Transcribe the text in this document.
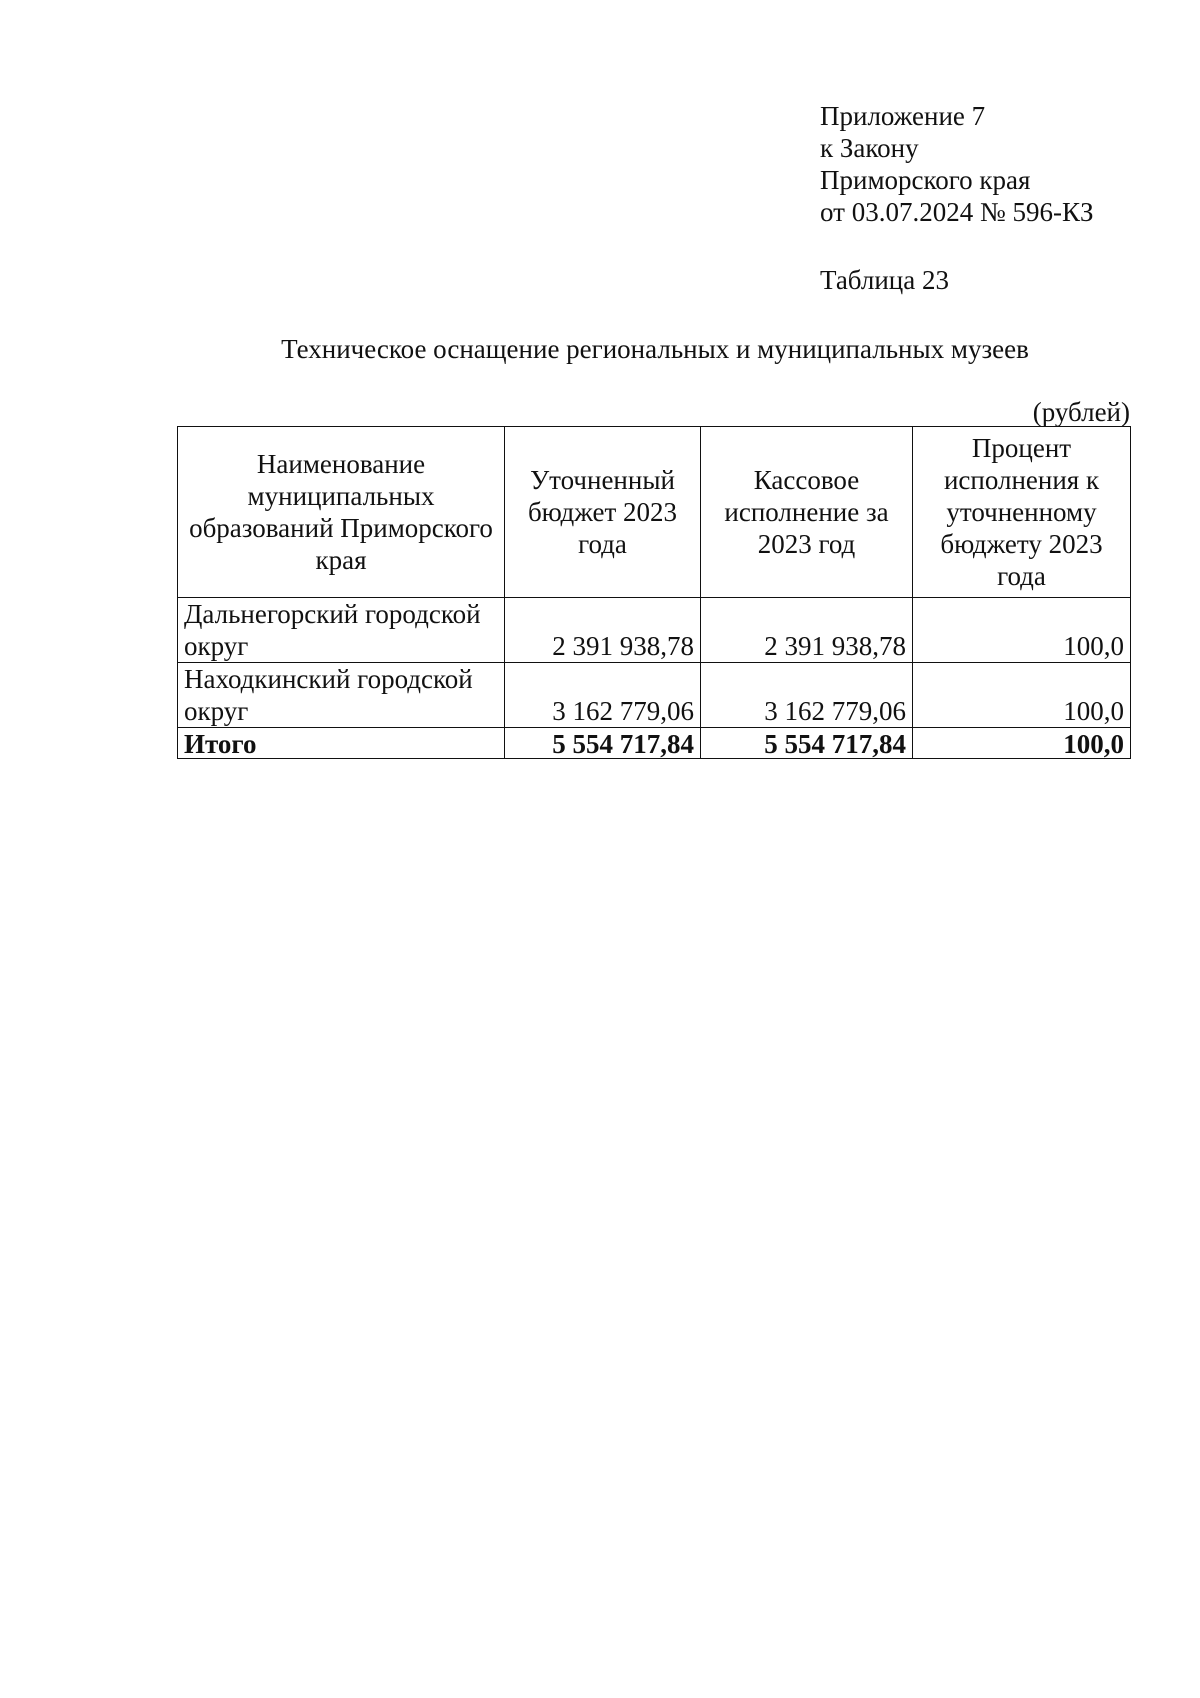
Приложение 7
к Закону
Приморского края
от 03.07.2024 № 596-КЗ
Таблица 23
Техническое оснащение региональных и муниципальных музеев
(рублей)
Наименование муниципальных образований Приморского края	Уточненный бюджет 2023 года	Кассовое исполнение за 2023 год	Процент исполнения к уточненному бюджету 2023 года
Дальнегорский городской округ	2 391 938,78	2 391 938,78	100,0
Находкинский городской округ	3 162 779,06	3 162 779,06	100,0
Итого	5 554 717,84	5 554 717,84	100,0
